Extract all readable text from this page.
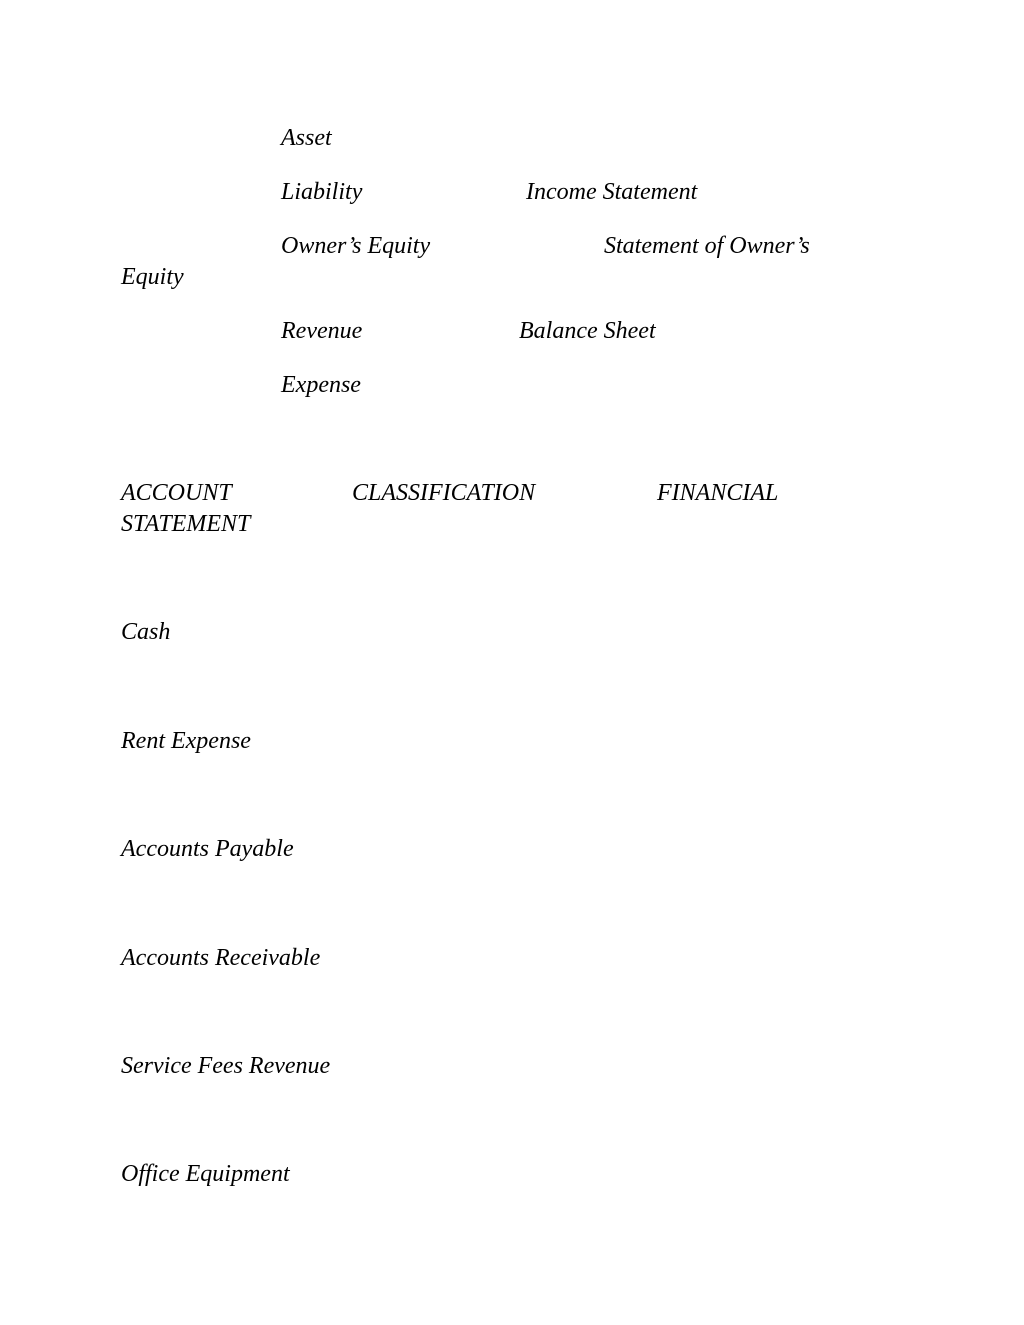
Asset
Liability
Owner’s Equity
Revenue
Expense
Income Statement
Statement of Owner’s
Equity
Balance Sheet
ACCOUNT	CLASSIFICATION	FINANCIAL
STATEMENT
Cash
Rent Expense
Accounts Payable
Accounts Receivable
Service Fees Revenue
Office Equipment
